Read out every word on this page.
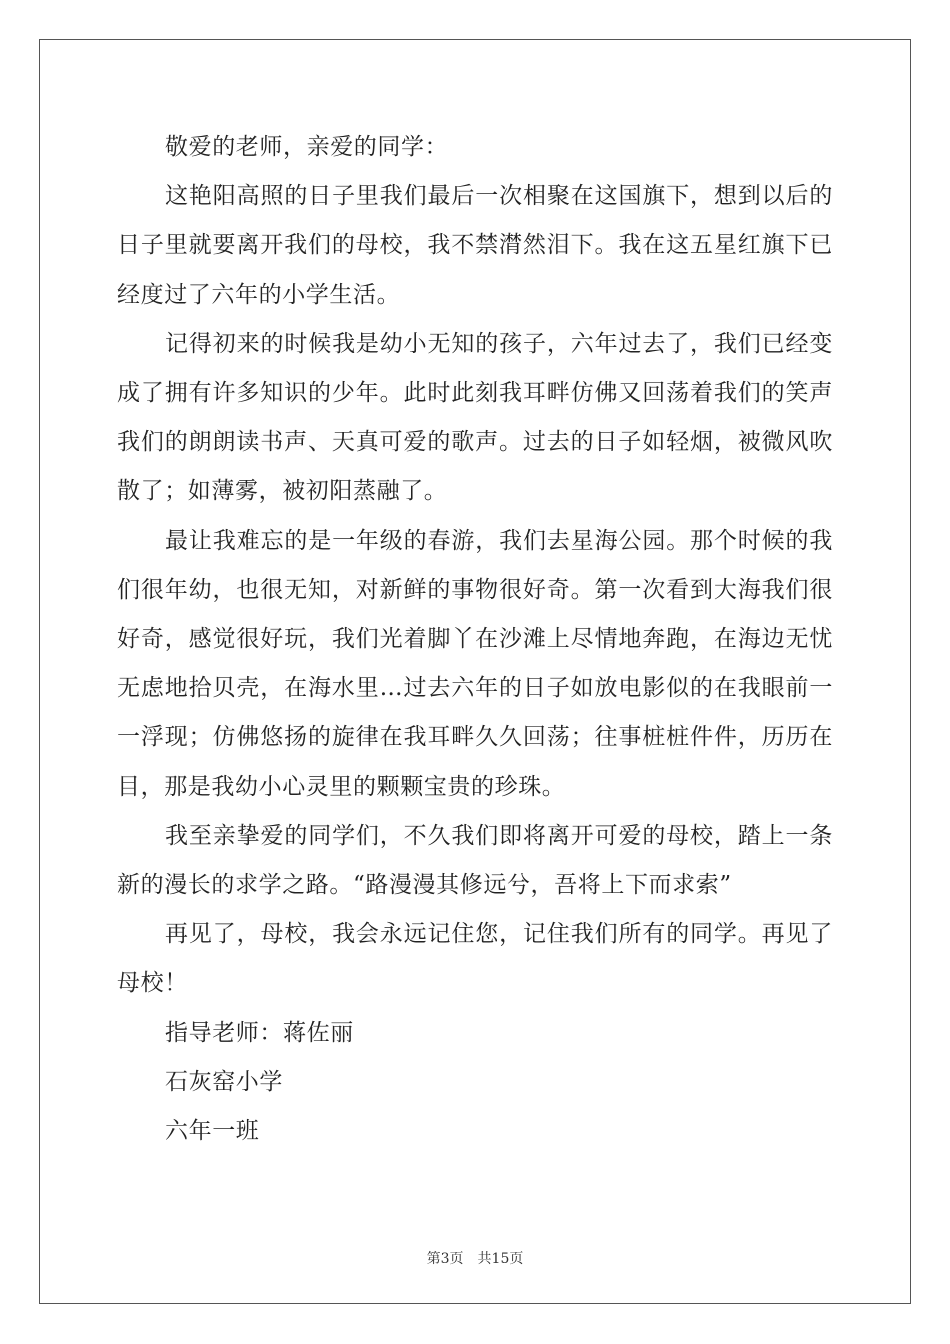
敬爱的老师，亲爱的同学：

这艳阳高照的日子里我们最后一次相聚在这国旗下，想到以后的日子里就要离开我们的母校，我不禁潸然泪下。我在这五星红旗下已经度过了六年的小学生活。

记得初来的时候我是幼小无知的孩子，六年过去了，我们已经变成了拥有许多知识的少年。此时此刻我耳畔仿佛又回荡着我们的笑声我们的朗朗读书声、天真可爱的歌声。过去的日子如轻烟，被微风吹散了；如薄雾，被初阳蒸融了。

最让我难忘的是一年级的春游，我们去星海公园。那个时候的我们很年幼，也很无知，对新鲜的事物很好奇。第一次看到大海我们很好奇，感觉很好玩，我们光着脚丫在沙滩上尽情地奔跑，在海边无忧无虑地拾贝壳，在海水里…过去六年的日子如放电影似的在我眼前一一浮现；仿佛悠扬的旋律在我耳畔久久回荡；往事桩桩件件，历历在目，那是我幼小心灵里的颗颗宝贵的珍珠。

我至亲挚爱的同学们，不久我们即将离开可爱的母校，踏上一条新的漫长的求学之路。“路漫漫其修远兮，吾将上下而求索”

再见了，母校，我会永远记住您，记住我们所有的同学。再见了母校！

指导老师：蒋佐丽

石灰窑小学

六年一班

第3页 共15页
